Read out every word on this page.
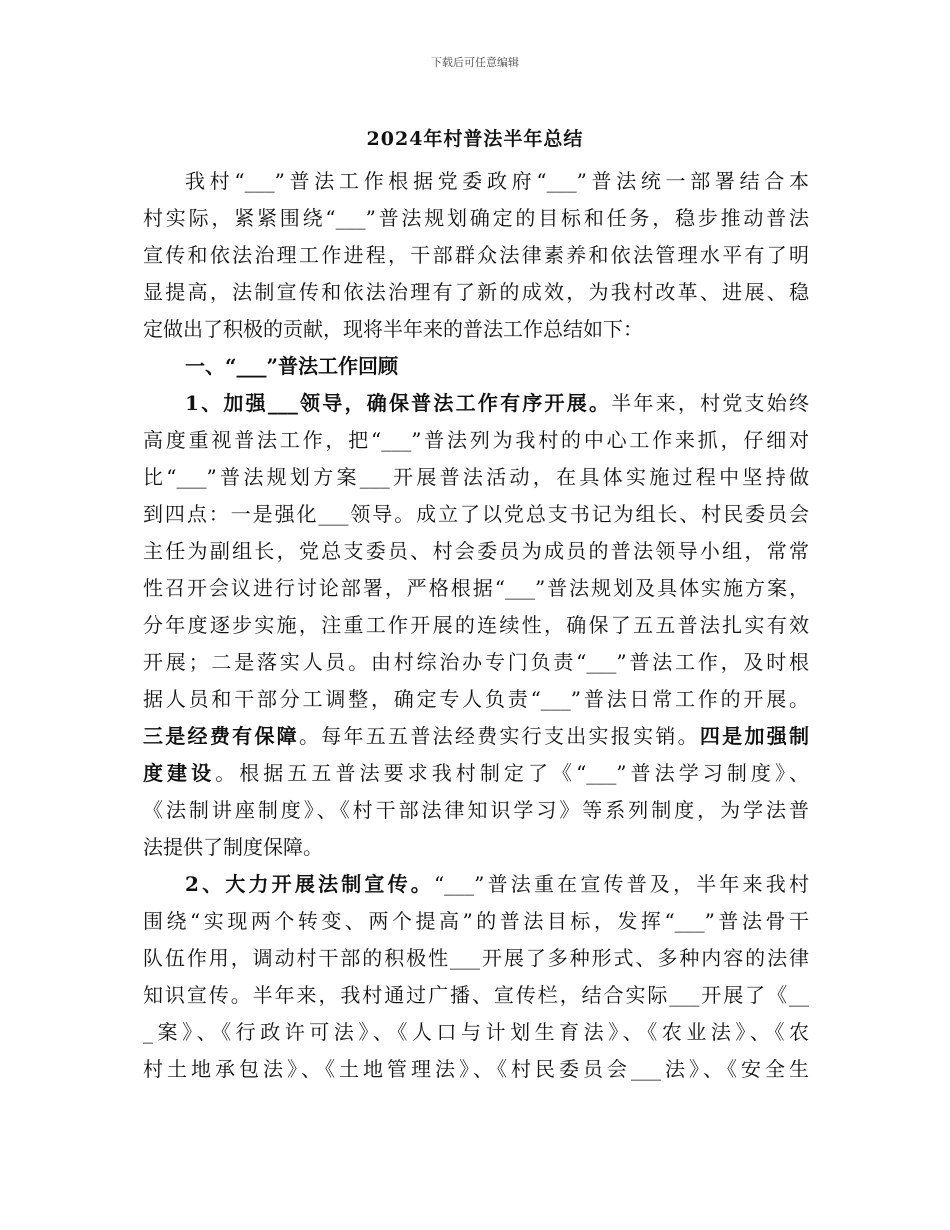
下载后可任意编辑
2024年村普法半年总结
我村“___”普法工作根据党委政府“___”普法统一部署结合本
村实际，紧紧围绕“___”普法规划确定的目标和任务，稳步推动普法
宣传和依法治理工作进程，干部群众法律素养和依法管理水平有了明
显提高，法制宣传和依法治理有了新的成效，为我村改革、进展、稳
定做出了积极的贡献，现将半年来的普法工作总结如下：
一、“___”普法工作回顾
1、加强___领导，确保普法工作有序开展。半年来，村党支始终
高度重视普法工作，把“___”普法列为我村的中心工作来抓，仔细对
比“___”普法规划方案___开展普法活动，在具体实施过程中坚持做
到四点：一是强化___领导。成立了以党总支书记为组长、村民委员会
主任为副组长，党总支委员、村会委员为成员的普法领导小组，常常
性召开会议进行讨论部署，严格根据“___”普法规划及具体实施方案，
分年度逐步实施，注重工作开展的连续性，确保了五五普法扎实有效
开展；二是落实人员。由村综治办专门负责“___”普法工作，及时根
据人员和干部分工调整，确定专人负责“___”普法日常工作的开展。
三是经费有保障。每年五五普法经费实行支出实报实销。四是加强制
度建设。根据五五普法要求我村制定了《“___”普法学习制度》、
《法制讲座制度》、《村干部法律知识学习》等系列制度，为学法普
法提供了制度保障。
2、大力开展法制宣传。“___”普法重在宣传普及，半年来我村
围绕“实现两个转变、两个提高”的普法目标，发挥“___”普法骨干
队伍作用，调动村干部的积极性___开展了多种形式、多种内容的法律
知识宣传。半年来，我村通过广播、宣传栏，结合实际___开展了《__
_案》、《行政许可法》、《人口与计划生育法》、《农业法》、《农
村土地承包法》、《土地管理法》、《村民委员会___法》、《安全生
